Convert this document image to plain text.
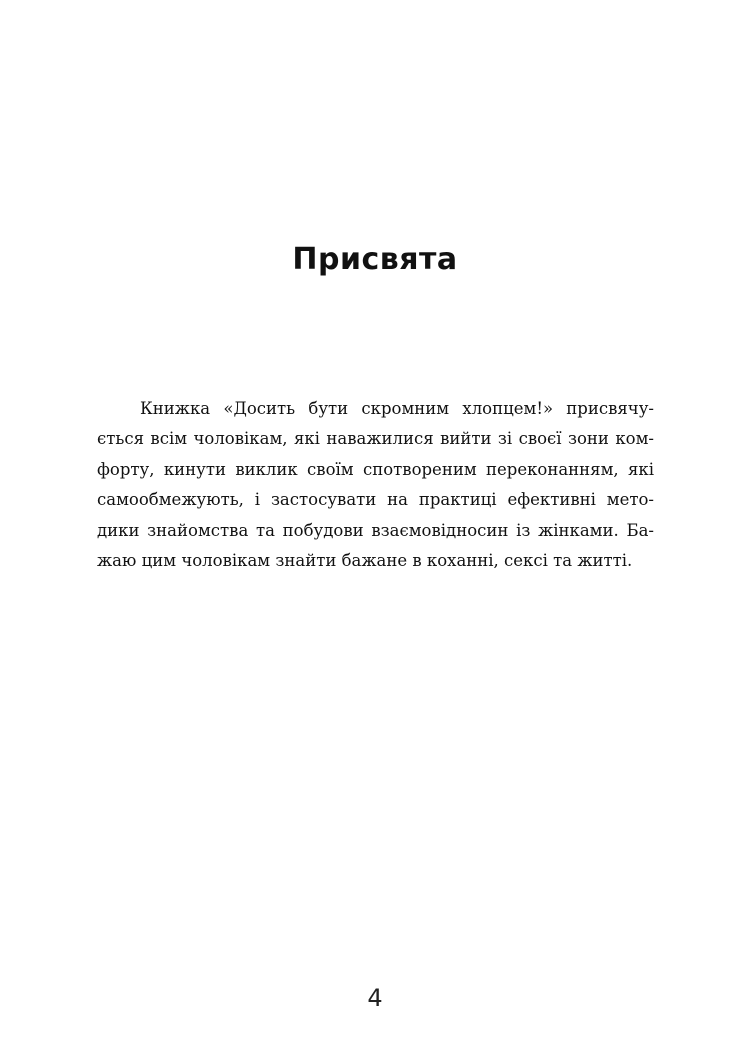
Присвята
Книжка «Досить бути скромним хлопцем!» присвячу-
ється всім чоловікам, які наважилися вийти зі своєї зони ком-
форту, кинути виклик своїм спотвореним переконанням, які
самообмежують, і застосувати на практиці ефективні мето-
дики знайомства та побудови взаємовідносин із жінками. Ба-
жаю цим чоловікам знайти бажане в коханні, сексі та житті.
4
